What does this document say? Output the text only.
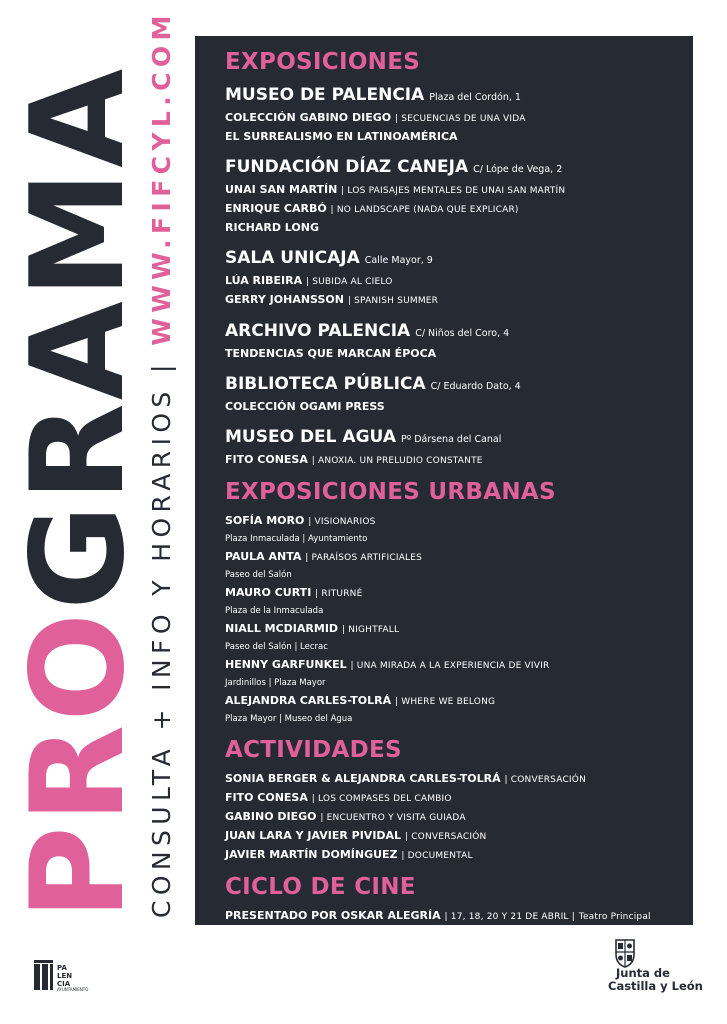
PROGRAMA
CONSULTA + INFO Y HORARIOS | WWW.FIFCYL.COM EXPOSICIONES
MUSEO DE PALENCIA Plaza del Cordón, 1
COLECCIÓN GABINO DIEGO | SECUENCIAS DE UNA VIDA
EL SURREALISMO EN LATINOAMÉRICA
FUNDACIÓN DÍAZ CANEJA C/ Lópe de Vega, 2
UNAI SAN MARTÍN | LOS PAISAJES MENTALES DE UNAI SAN MARTÍN
ENRIQUE CARBÓ | NO LANDSCAPE (NADA QUE EXPLICAR)
RICHARD LONG
SALA UNICAJA Calle Mayor, 9
LÚA RIBEIRA | SUBIDA AL CIELO
GERRY JOHANSSON | SPANISH SUMMER
ARCHIVO PALENCIA C/ Niños del Coro, 4
TENDENCIAS QUE MARCAN ÉPOCA
BIBLIOTECA PÚBLICA C/ Eduardo Dato, 4
COLECCIÓN OGAMI PRESS
MUSEO DEL AGUA Pº Dársena del Canal
FITO CONESA | ANOXIA. UN PRELUDIO CONSTANTE
EXPOSICIONES URBANAS
SOFÍA MORO | VISIONARIOS
Plaza Inmaculada | Ayuntamiento
PAULA ANTA | PARAÍSOS ARTIFICIALES
Paseo del Salón
MAURO CURTI | RITURNÉ
Plaza de la Inmaculada
NIALL MCDIARMID | NIGHTFALL
Paseo del Salón | Lecrac
HENNY GARFUNKEL | UNA MIRADA A LA EXPERIENCIA DE VIVIR
Jardinillos | Plaza Mayor
ALEJANDRA CARLES-TOLRÁ | WHERE WE BELONG
Plaza Mayor | Museo del Agua
ACTIVIDADES
SONIA BERGER & ALEJANDRA CARLES-TOLRÁ | CONVERSACIÓN
FITO CONESA | LOS COMPASES DEL CAMBIO
GABINO DIEGO | ENCUENTRO Y VISITA GUIADA
JUAN LARA Y JAVIER PIVIDAL | CONVERSACIÓN
JAVIER MARTÍN DOMÍNGUEZ | DOCUMENTAL
CICLO DE CINE
PRESENTADO POR OSKAR ALEGRÍA | 17, 18, 20 Y 21 DE ABRIL | Teatro Principal
PA
LEN
CIA
AYUNTAMIENTO
Junta de
Castilla y León
